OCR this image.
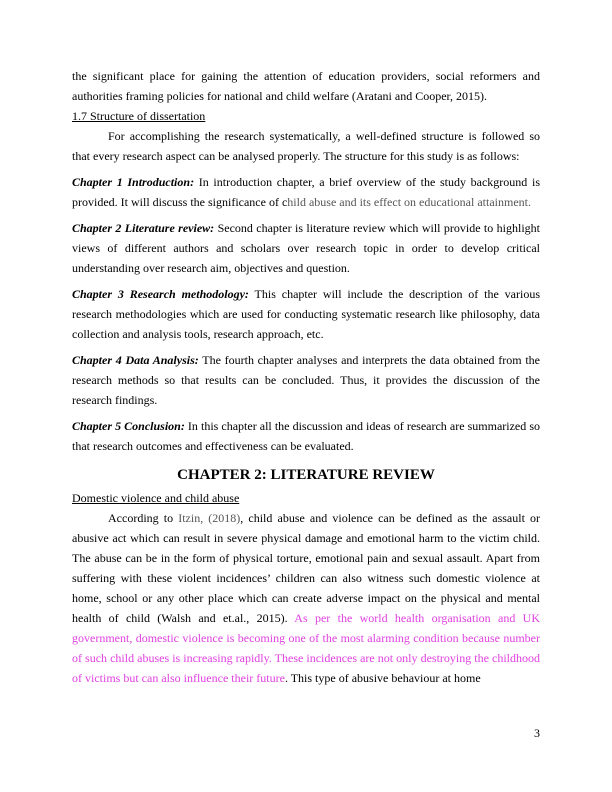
the significant place for gaining the attention of education providers, social reformers and authorities framing policies for national and child welfare (Aratani and Cooper, 2015).

1.7 Structure of dissertation

For accomplishing the research systematically, a well-defined structure is followed so that every research aspect can be analysed properly. The structure for this study is as follows:

Chapter 1 Introduction: In introduction chapter, a brief overview of the study background is provided. It will discuss the significance of child abuse and its effect on educational attainment.

Chapter 2 Literature review: Second chapter is literature review which will provide to highlight views of different authors and scholars over research topic in order to develop critical understanding over research aim, objectives and question.

Chapter 3 Research methodology: This chapter will include the description of the various research methodologies which are used for conducting systematic research like philosophy, data collection and analysis tools, research approach, etc.

Chapter 4 Data Analysis: The fourth chapter analyses and interprets the data obtained from the research methods so that results can be concluded. Thus, it provides the discussion of the research findings.

Chapter 5 Conclusion: In this chapter all the discussion and ideas of research are summarized so that research outcomes and effectiveness can be evaluated.

CHAPTER 2: LITERATURE REVIEW

Domestic violence and child abuse

According to Itzin, (2018), child abuse and violence can be defined as the assault or abusive act which can result in severe physical damage and emotional harm to the victim child. The abuse can be in the form of physical torture, emotional pain and sexual assault. Apart from suffering with these violent incidences’ children can also witness such domestic violence at home, school or any other place which can create adverse impact on the physical and mental health of child (Walsh and et.al., 2015). As per the world health organisation and UK government, domestic violence is becoming one of the most alarming condition because number of such child abuses is increasing rapidly. These incidences are not only destroying the childhood of victims but can also influence their future. This type of abusive behaviour at home

3
